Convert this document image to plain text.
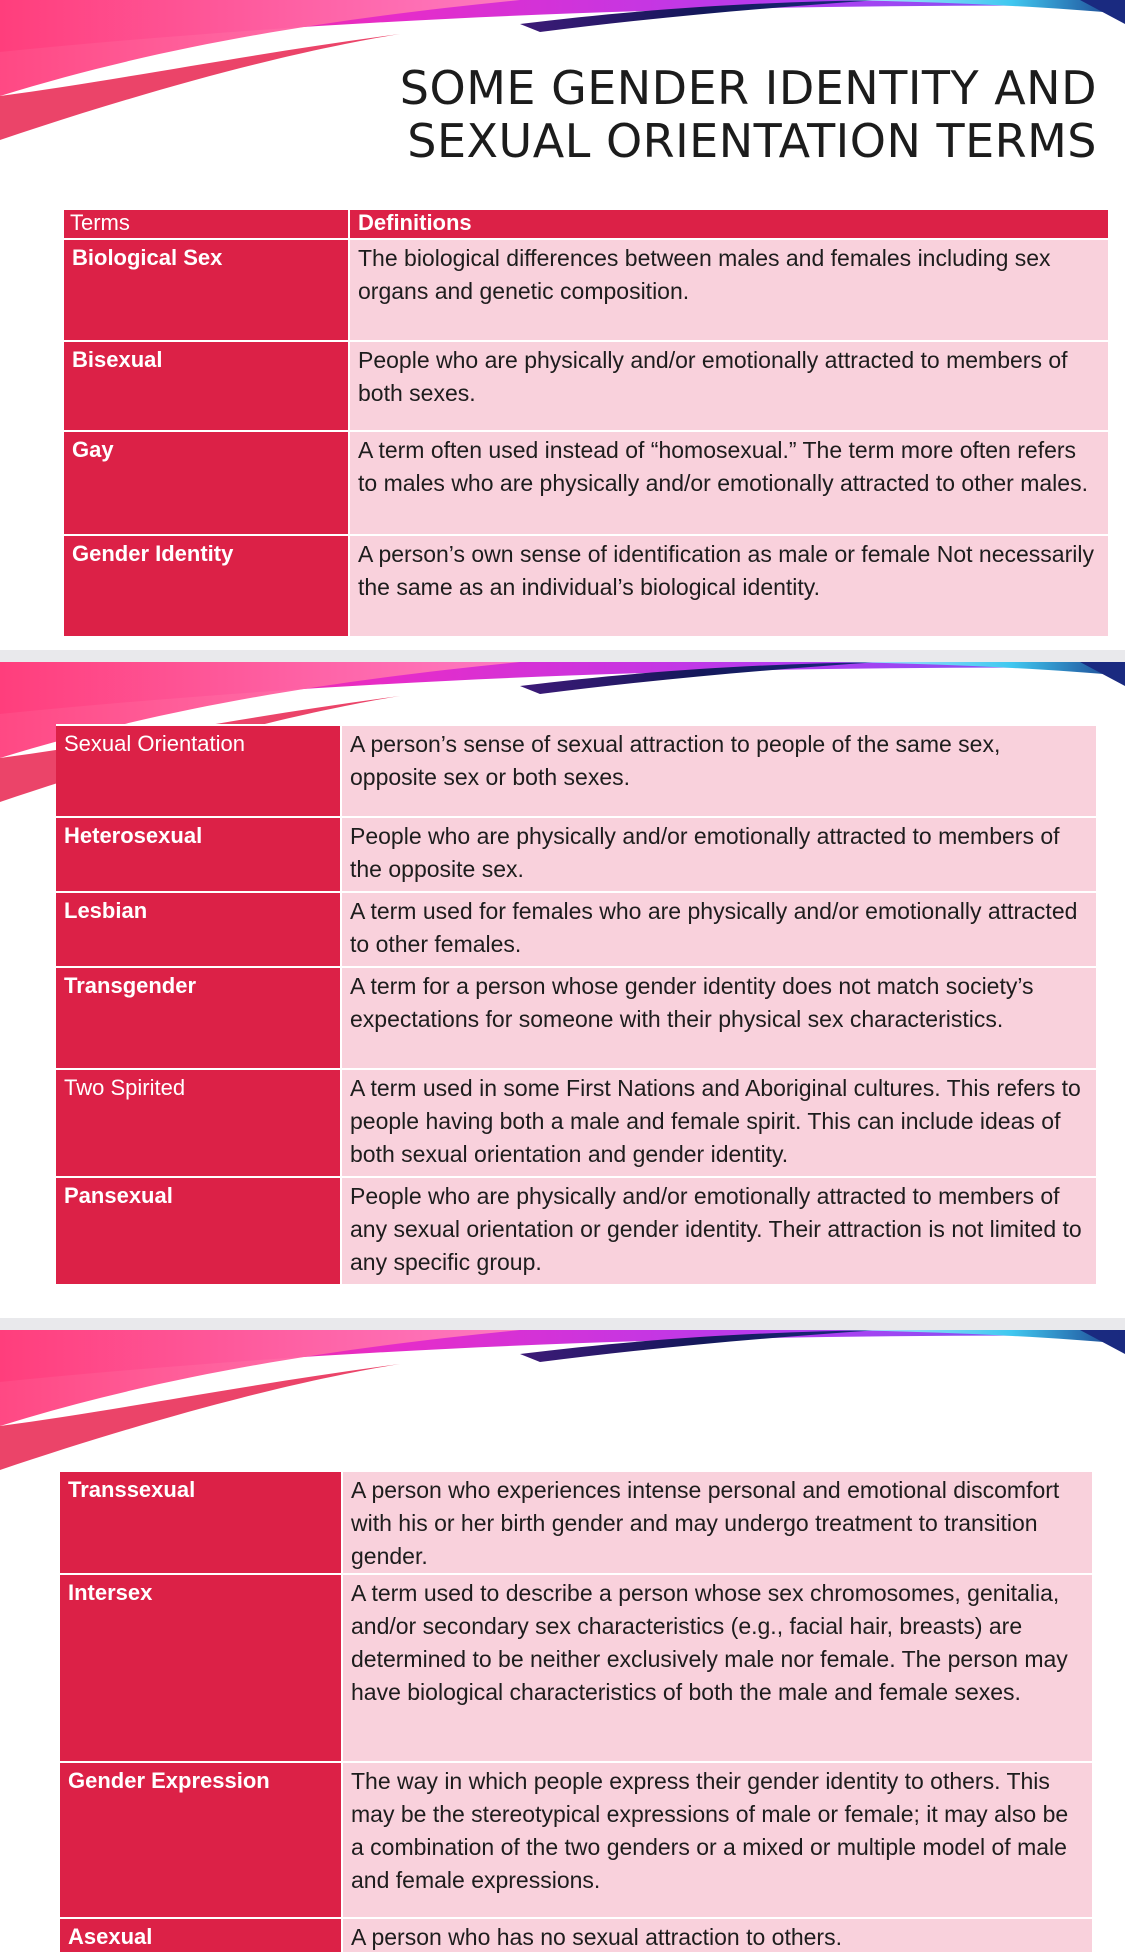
SOME GENDER IDENTITY AND
SEXUAL ORIENTATION TERMS
Terms	Definitions
Biological Sex	The biological differences between males and females including sex organs and genetic composition.
Bisexual	People who are physically and/or emotionally attracted to members of both sexes.
Gay	A term often used instead of “homosexual.” The term more often refers to males who are physically and/or emotionally attracted to other males.
Gender Identity	A person’s own sense of identification as male or female Not necessarily the same as an individual’s biological identity.
Sexual Orientation	A person’s sense of sexual attraction to people of the same sex, opposite sex or both sexes.
Heterosexual	People who are physically and/or emotionally attracted to members of the opposite sex.
Lesbian	A term used for females who are physically and/or emotionally attracted to other females.
Transgender	A term for a person whose gender identity does not match society’s expectations for someone with their physical sex characteristics.
Two Spirited	A term used in some First Nations and Aboriginal cultures. This refers to people having both a male and female spirit. This can include ideas of both sexual orientation and gender identity.
Pansexual	People who are physically and/or emotionally attracted to members of any sexual orientation or gender identity. Their attraction is not limited to any specific group.
Transsexual	A person who experiences intense personal and emotional discomfort with his or her birth gender and may undergo treatment to transition gender.
Intersex	A term used to describe a person whose sex chromosomes, genitalia, and/or secondary sex characteristics (e.g., facial hair, breasts) are determined to be neither exclusively male nor female. The person may have biological characteristics of both the male and female sexes.
Gender Expression	The way in which people express their gender identity to others. This may be the stereotypical expressions of male or female; it may also be a combination of the two genders or a mixed or multiple model of male and female expressions.
Asexual	A person who has no sexual attraction to others.
